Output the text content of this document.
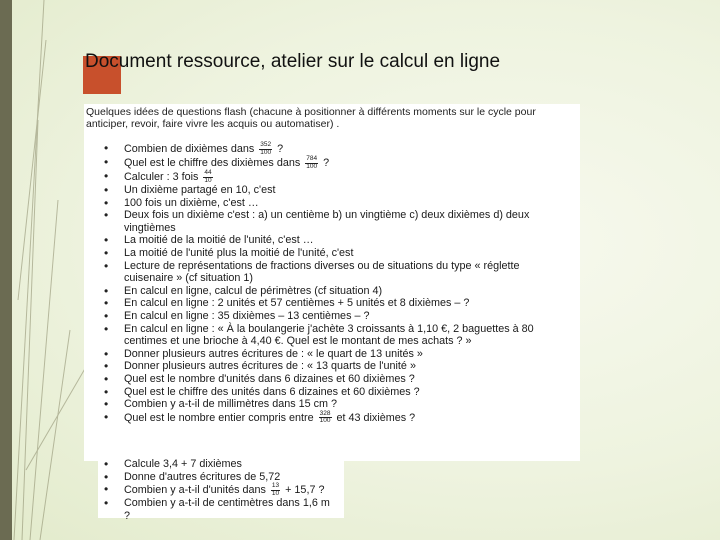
Document ressource, atelier sur le calcul en ligne
Quelques idées de questions flash (chacune à positionner à différents moments sur le cycle pour anticiper, revoir, faire vivre les acquis ou automatiser) .
• Combien de dixièmes dans $\frac{352}{100}$ ?
• Quel est le chiffre des dixièmes dans $\frac{784}{100}$ ?
• Calculer : 3 fois $\frac{44}{10}$
• Un dixième partagé en 10, c'est
• 100 fois un dixième, c'est …
• Deux fois un dixième c'est : a) un centième b) un vingtième c) deux dixièmes d) deux vingtièmes
• La moitié de la moitié de l'unité, c'est …
• La moitié de l'unité plus la moitié de l'unité, c'est
• Lecture de représentations de fractions diverses ou de situations du type « réglette cuisenaire » (cf situation 1)
• En calcul en ligne, calcul de périmètres (cf situation 4)
• En calcul en ligne : 2 unités et 57 centièmes + 5 unités et 8 dixièmes – ?
• En calcul en ligne : 35 dixièmes – 13 centièmes – ?
• En calcul en ligne : « À la boulangerie j'achète 3 croissants à 1,10 €, 2 baguettes à 80 centimes et une brioche à 4,40 €. Quel est le montant de mes achats ? »
• Donner plusieurs autres écritures de : « le quart de 13 unités »
• Donner plusieurs autres écritures de : « 13 quarts de l'unité »
• Quel est le nombre d'unités dans 6 dizaines et 60 dixièmes ?
• Quel est le chiffre des unités dans 6 dizaines et 60 dixièmes ?
• Combien y a-t-il de millimètres dans 15 cm ?
• Quel est le nombre entier compris entre $\frac{328}{100}$ et 43 dixièmes ?
• Calcule 3,4 + 7 dixièmes
• Donne d'autres écritures de 5,72
• Combien y a-t-il d'unités dans $\frac{13}{10} + 15,7$ ?
• Combien y a-t-il de centimètres dans 1,6 m ?
